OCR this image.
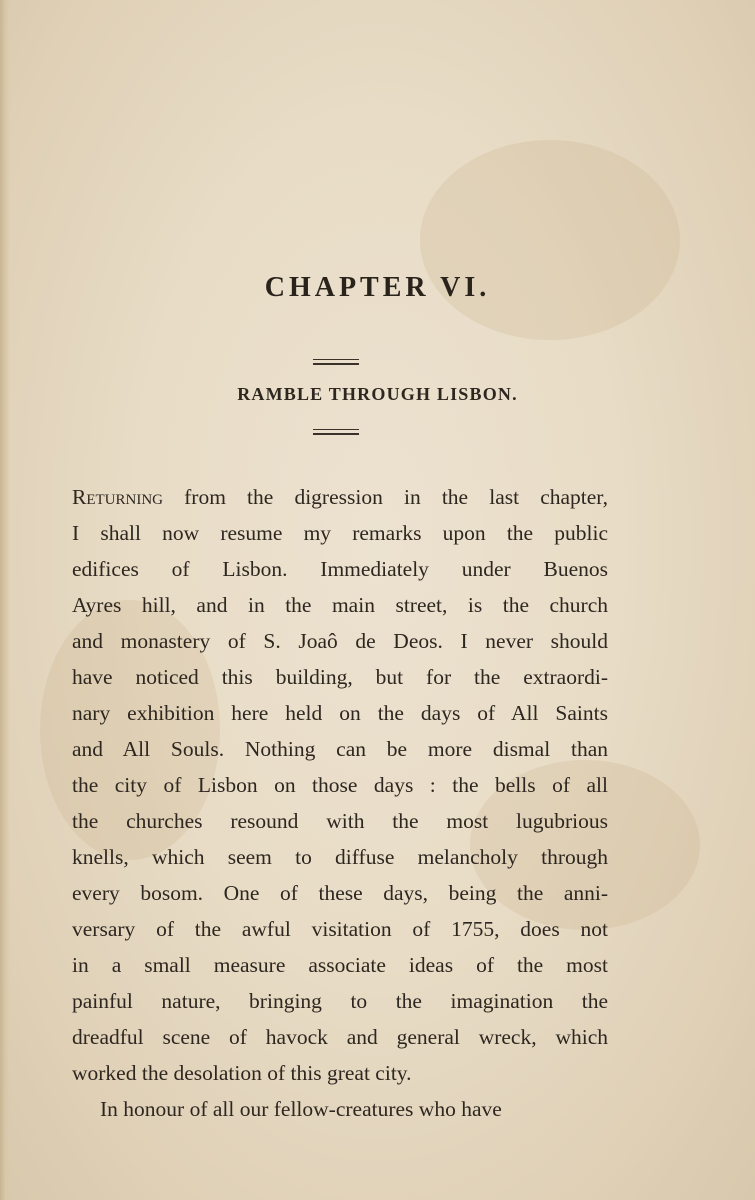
CHAPTER VI.
RAMBLE THROUGH LISBON.
Returning from the digression in the last chapter,
I shall now resume my remarks upon the public
edifices of Lisbon. Immediately under Buenos
Ayres hill, and in the main street, is the church
and monastery of S. Joaô de Deos. I never should
have noticed this building, but for the extraordi-
nary exhibition here held on the days of All Saints
and All Souls. Nothing can be more dismal than
the city of Lisbon on those days : the bells of all
the churches resound with the most lugubrious
knells, which seem to diffuse melancholy through
every bosom. One of these days, being the anni-
versary of the awful visitation of 1755, does not
in a small measure associate ideas of the most
painful nature, bringing to the imagination the
dreadful scene of havock and general wreck, which
worked the desolation of this great city.
In honour of all our fellow-creatures who have
